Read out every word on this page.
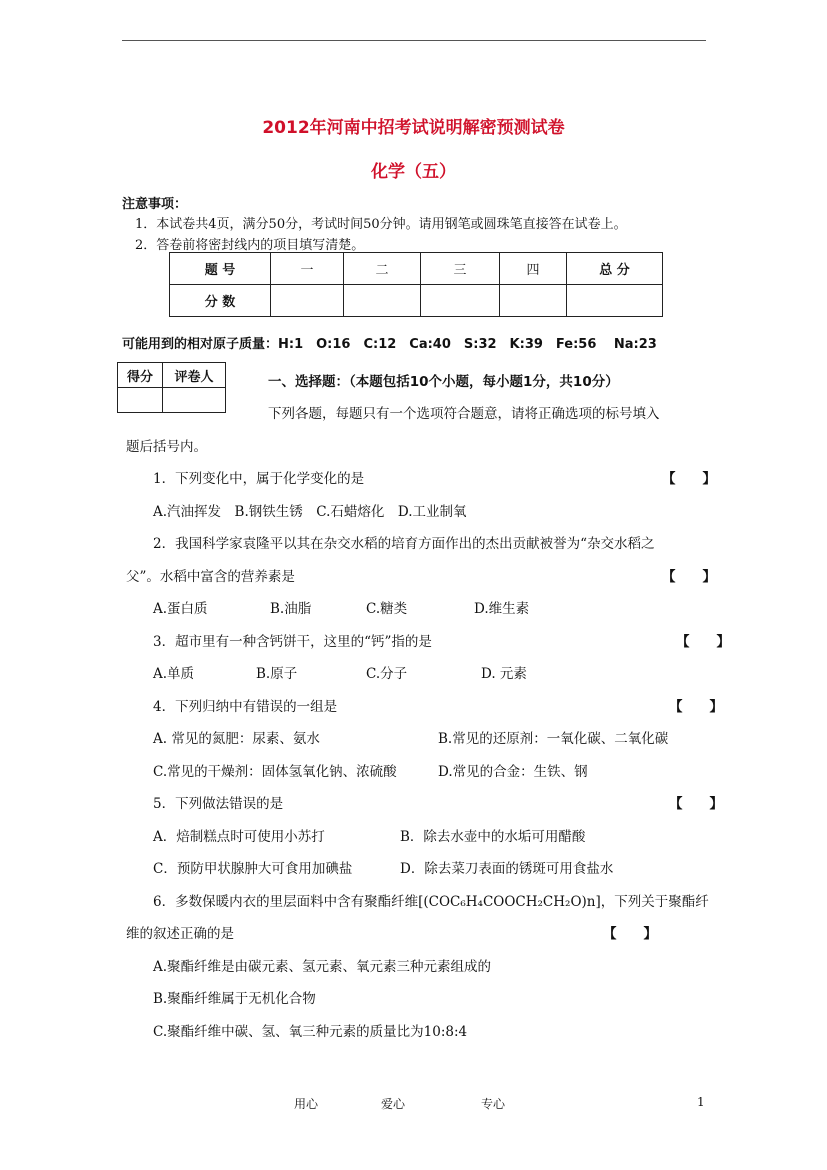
2012年河南中招考试说明解密预测试卷
化学（五）
注意事项：
1．本试卷共4页，满分50分，考试时间50分钟。请用钢笔或圆珠笔直接答在试卷上。
2．答卷前将密封线内的项目填写清楚。
题 号	一	二	三	四	总 分
分 数					
可能用到的相对原子质量：H:1　O:16　C:12　Ca:40　S:32　K:39　Fe:56　 Na:23
得分	评卷人
		一、选择题：（本题包括10个小题，每小题1分，共10分）
下列各题，每题只有一个选项符合题意，请将正确选项的标号填入
题后括号内。
1．下列变化中，属于化学变化的是	【　　】
A.汽油挥发　B.钢铁生锈　C.石蜡熔化　D.工业制氧
2．我国科学家袁隆平以其在杂交水稻的培育方面作出的杰出贡献被誉为“杂交水稻之
父”。水稻中富含的营养素是	【　　】
A.蛋白质	B.油脂	C.糖类	D.维生素
3．超市里有一种含钙饼干，这里的“钙”指的是	【　　】
A.单质	B.原子	C.分子	D. 元素
4．下列归纳中有错误的一组是	【　　】
A. 常见的氮肥：尿素、氨水	B.常见的还原剂：一氧化碳、二氧化碳
C.常见的干燥剂：固体氢氧化钠、浓硫酸	D.常见的合金：生铁、钢
5．下列做法错误的是	【　　】
A．焙制糕点时可使用小苏打	B．除去水壶中的水垢可用醋酸
C．预防甲状腺肿大可食用加碘盐	D．除去菜刀表面的锈斑可用食盐水
6．多数保暖内衣的里层面料中含有聚酯纤维[(COC₆H₄COOCH₂CH₂O)n]，下列关于聚酯纤
维的叙述正确的是	【　　】
A.聚酯纤维是由碳元素、氢元素、氧元素三种元素组成的
B.聚酯纤维属于无机化合物
C.聚酯纤维中碳、氢、氧三种元素的质量比为10:8:4
用心	爱心	专心	1
